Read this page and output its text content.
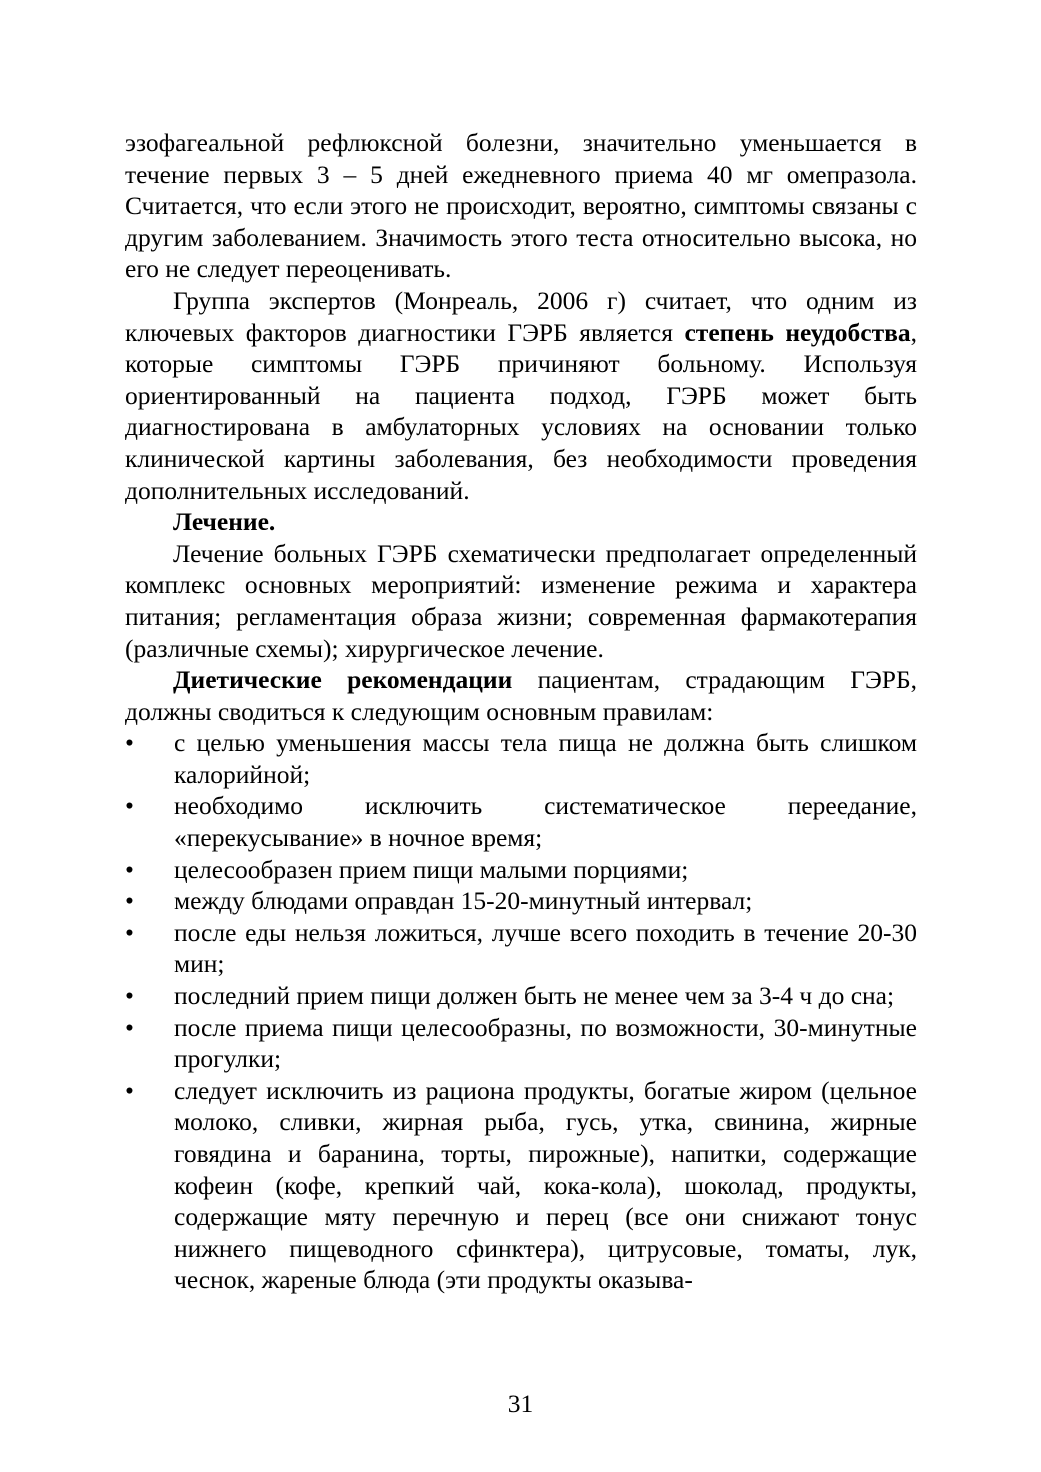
эзофагеальной рефлюксной болезни, значительно уменьшается в течение первых 3 – 5 дней ежедневного приема 40 мг омепразола. Считается, что если этого не происходит, вероятно, симптомы связаны с другим заболеванием. Значимость этого теста относительно высока, но его не следует переоценивать.

Группа экспертов (Монреаль, 2006 г) считает, что одним из ключевых факторов диагностики ГЭРБ является степень неудобства, которые симптомы ГЭРБ причиняют больному. Используя ориентированный на пациента подход, ГЭРБ может быть диагностирована в амбулаторных условиях на основании только клинической картины заболевания, без необходимости проведения дополнительных исследований.

Лечение.

Лечение больных ГЭРБ схематически предполагает определенный комплекс основных мероприятий: изменение режима и характера питания; регламентация образа жизни; современная фармакотерапия (различные схемы); хирургическое лечение.

Диетические рекомендации пациентам, страдающим ГЭРБ, должны сводиться к следующим основным правилам:

•	с целью уменьшения массы тела пища не должна быть слишком калорийной;
•	необходимо исключить систематическое переедание, «перекусывание» в ночное время;
•	целесообразен прием пищи малыми порциями;
•	между блюдами оправдан 15-20-минутный интервал;
•	после еды нельзя ложиться, лучше всего походить в течение 20-30 мин;
•	последний прием пищи должен быть не менее чем за 3-4 ч до сна;
•	после приема пищи целесообразны, по возможности, 30-минутные прогулки;
•	следует исключить из рациона продукты, богатые жиром (цельное молоко, сливки, жирная рыба, гусь, утка, свинина, жирные говядина и баранина, торты, пирожные), напитки, содержащие кофеин (кофе, крепкий чай, кока-кола), шоколад, продукты, содержащие мяту перечную и перец (все они снижают тонус нижнего пищеводного сфинктера), цитрусовые, томаты, лук, чеснок, жареные блюда (эти продукты оказыва-
31
